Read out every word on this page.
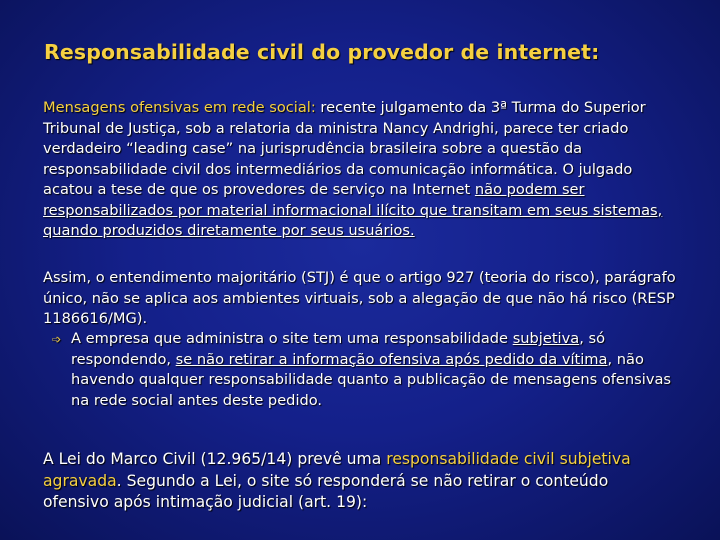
Responsabilidade civil do provedor de internet:
Mensagens ofensivas em rede social: recente julgamento da 3ª Turma do Superior Tribunal de Justiça, sob a relatoria da ministra Nancy Andrighi, parece ter criado verdadeiro “leading case” na jurisprudência brasileira sobre a questão da responsabilidade civil dos intermediários da comunicação informática. O julgado acatou a tese de que os provedores de serviço na Internet não podem ser responsabilizados por material informacional ilícito que transitam em seus sistemas, quando produzidos diretamente por seus usuários.
Assim, o entendimento majoritário (STJ) é que o artigo 927 (teoria do risco), parágrafo único, não se aplica aos ambientes virtuais, sob a alegação de que não há risco (RESP 1186616/MG).
➩ A empresa que administra o site tem uma responsabilidade subjetiva, só respondendo, se não retirar a informação ofensiva após pedido da vítima, não havendo qualquer responsabilidade quanto a publicação de mensagens ofensivas na rede social antes deste pedido.
A Lei do Marco Civil (12.965/14) prevê uma responsabilidade civil subjetiva agravada. Segundo a Lei, o site só responderá se não retirar o conteúdo ofensivo após intimação judicial (art. 19):
